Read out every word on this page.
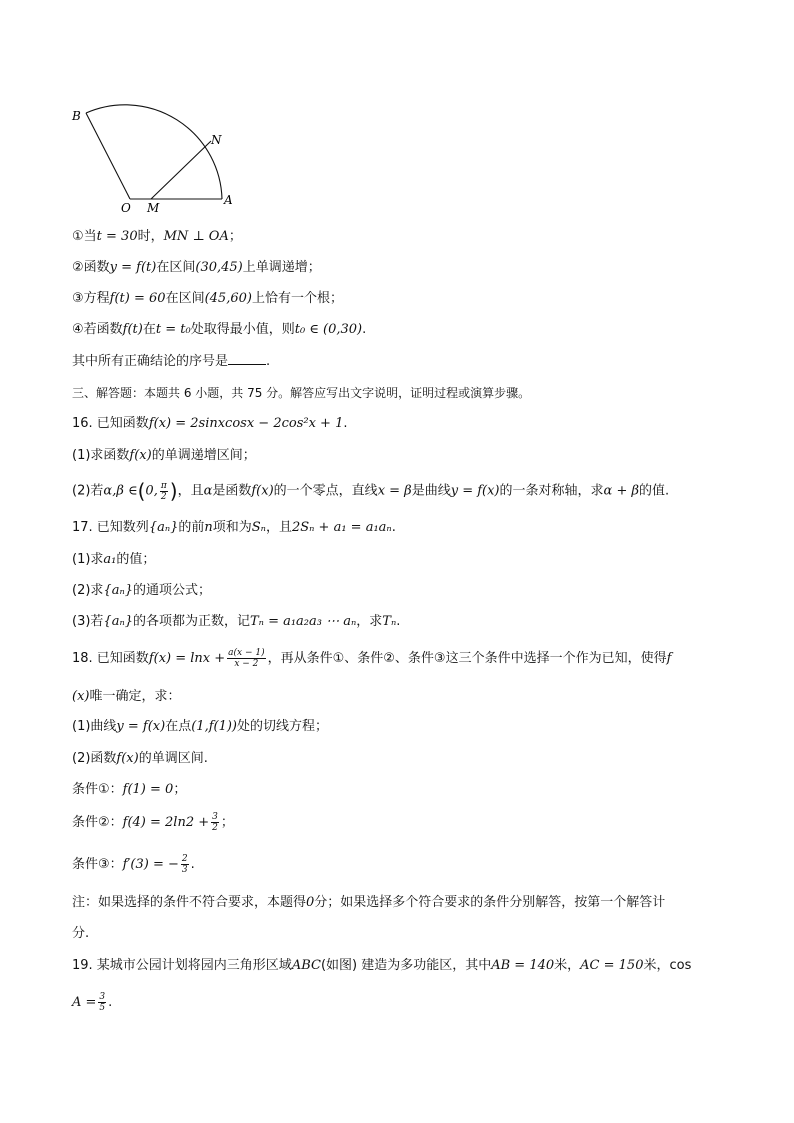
B
N
O M
A
①当t = 30时，MN ⊥ OA；
②函数y = f(t)在区间(30,45)上单调递增；
③方程f(t) = 60在区间(45,60)上恰有一个根；
④若函数f(t)在t = t₀处取得最小值，则t₀ ∈ (0,30).
其中所有正确结论的序号是	.
三、解答题：本题共 6 小题，共 75 分。解答应写出文字说明，证明过程或演算步骤。
16. 已知函数f(x) = 2sinxcosx − 2cos²x + 1.
(1)求函数f(x)的单调递增区间；
(2)若α,β ∈(0, $\frac{\pi}{2}$ )，且α是函数f(x)的一个零点，直线x = β是曲线y = f(x)的一条对称轴，求α + β的值.
17. 已知数列{aₙ}的前n项和为Sₙ，且2Sₙ + a₁ = a₁aₙ.
(1)求a₁的值；
(2)求{aₙ}的通项公式；
(3)若{aₙ}的各项都为正数，记Tₙ = a₁a₂a₃ ⋯ aₙ，求Tₙ.
18. 已知函数$f(x) = \ln x + \frac{a(x - 1)}{x - 2}$ ，再从条件①、条件②、条件③这三个条件中选择一个作为已知，使得f
(x)唯一确定，求：
(1)曲线y = f(x)在点(1,f(1))处的切线方程；
(2)函数f(x)的单调区间.
条件①：f(1) = 0；
条件②：$f(4) = 2\ln 2 + \frac{3}{2}$ ；
条件③：f′(3) = − $\frac{2}{3}$ .
注：如果选择的条件不符合要求，本题得0分；如果选择多个符合要求的条件分别解答，按第一个解答计
分.
19. 某城市公园计划将园内三角形区域ABC(如图) 建造为多功能区，其中AB = 140米，AC = 150米，cos
$A = \frac{3}{5}$ .
